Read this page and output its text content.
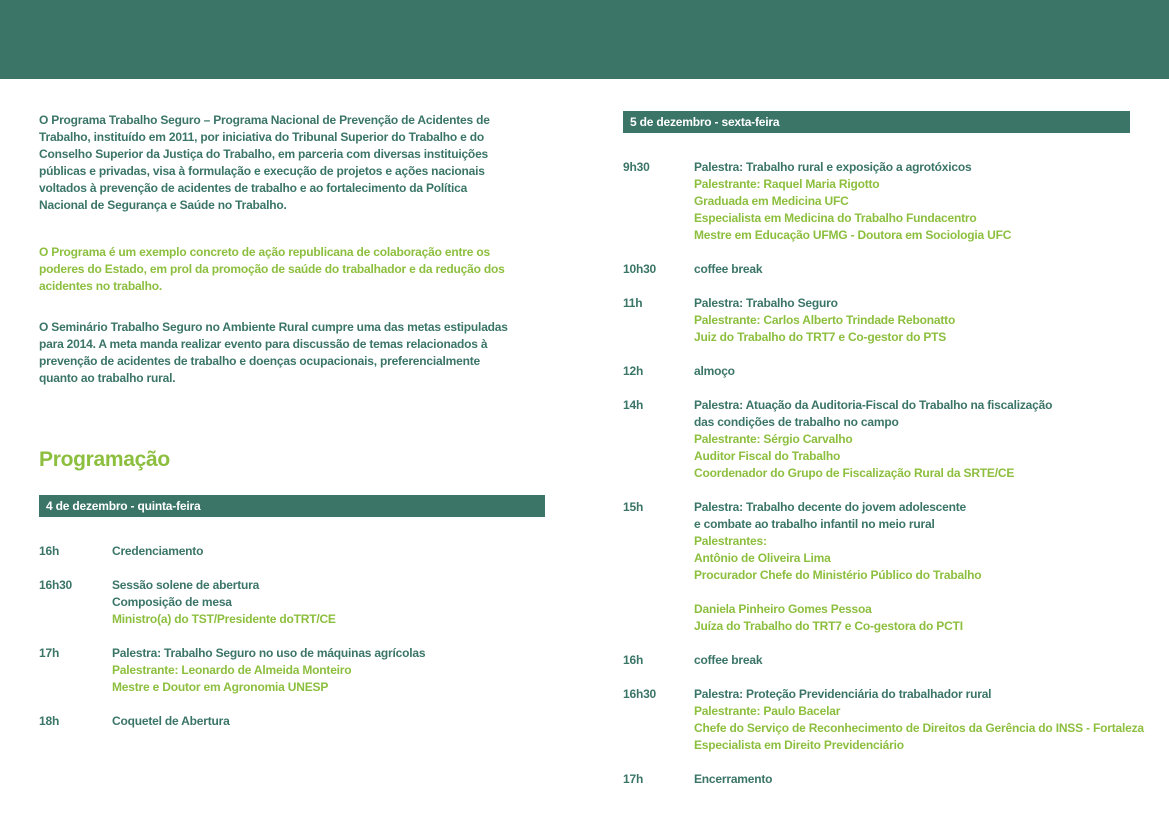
O Programa Trabalho Seguro – Programa Nacional de Prevenção de Acidentes de
Trabalho, instituído em 2011, por iniciativa do Tribunal Superior do Trabalho e do
Conselho Superior da Justiça do Trabalho, em parceria com diversas instituições
públicas e privadas, visa à formulação e execução de projetos e ações nacionais
voltados à prevenção de acidentes de trabalho e ao fortalecimento da Política
Nacional de Segurança e Saúde no Trabalho.
O Programa é um exemplo concreto de ação republicana de colaboração entre os
poderes do Estado, em prol da promoção de saúde do trabalhador e da redução dos
acidentes no trabalho.
O Seminário Trabalho Seguro no Ambiente Rural cumpre uma das metas estipuladas
para 2014. A meta manda realizar evento para discussão de temas relacionados à
prevenção de acidentes de trabalho e doenças ocupacionais, preferencialmente
quanto ao trabalho rural.
Programação
4 de dezembro - quinta-feira
5 de dezembro - sexta-feira
16h	Credenciamento
16h30	Sessão solene de abertura
Composição de mesa
Ministro(a) do TST/Presidente doTRT/CE
17h	Palestra: Trabalho Seguro no uso de máquinas agrícolas
Palestrante: Leonardo de Almeida Monteiro
Mestre e Doutor em Agronomia UNESP
18h	Coquetel de Abertura
9h30	Palestra: Trabalho rural e exposição a agrotóxicos
Palestrante: Raquel Maria Rigotto
Graduada em Medicina UFC
Especialista em Medicina do Trabalho Fundacentro
Mestre em Educação UFMG - Doutora em Sociologia UFC
10h30	coffee break
11h	Palestra: Trabalho Seguro
Palestrante: Carlos Alberto Trindade Rebonatto
Juiz do Trabalho do TRT7 e Co-gestor do PTS
12h	almoço
14h	Palestra: Atuação da Auditoria-Fiscal do Trabalho na fiscalização
das condições de trabalho no campo
Palestrante: Sérgio Carvalho
Auditor Fiscal do Trabalho
Coordenador do Grupo de Fiscalização Rural da SRTE/CE
15h	Palestra: Trabalho decente do jovem adolescente
e combate ao trabalho infantil no meio rural
Palestrantes:
Antônio de Oliveira Lima
Procurador Chefe do Ministério Público do Trabalho

Daniela Pinheiro Gomes Pessoa
Juíza do Trabalho do TRT7 e Co-gestora do PCTI
16h	coffee break
16h30	Palestra: Proteção Previdenciária do trabalhador rural
Palestrante: Paulo Bacelar
Chefe do Serviço de Reconhecimento de Direitos da Gerência do INSS - Fortaleza
Especialista em Direito Previdenciário
17h	Encerramento
